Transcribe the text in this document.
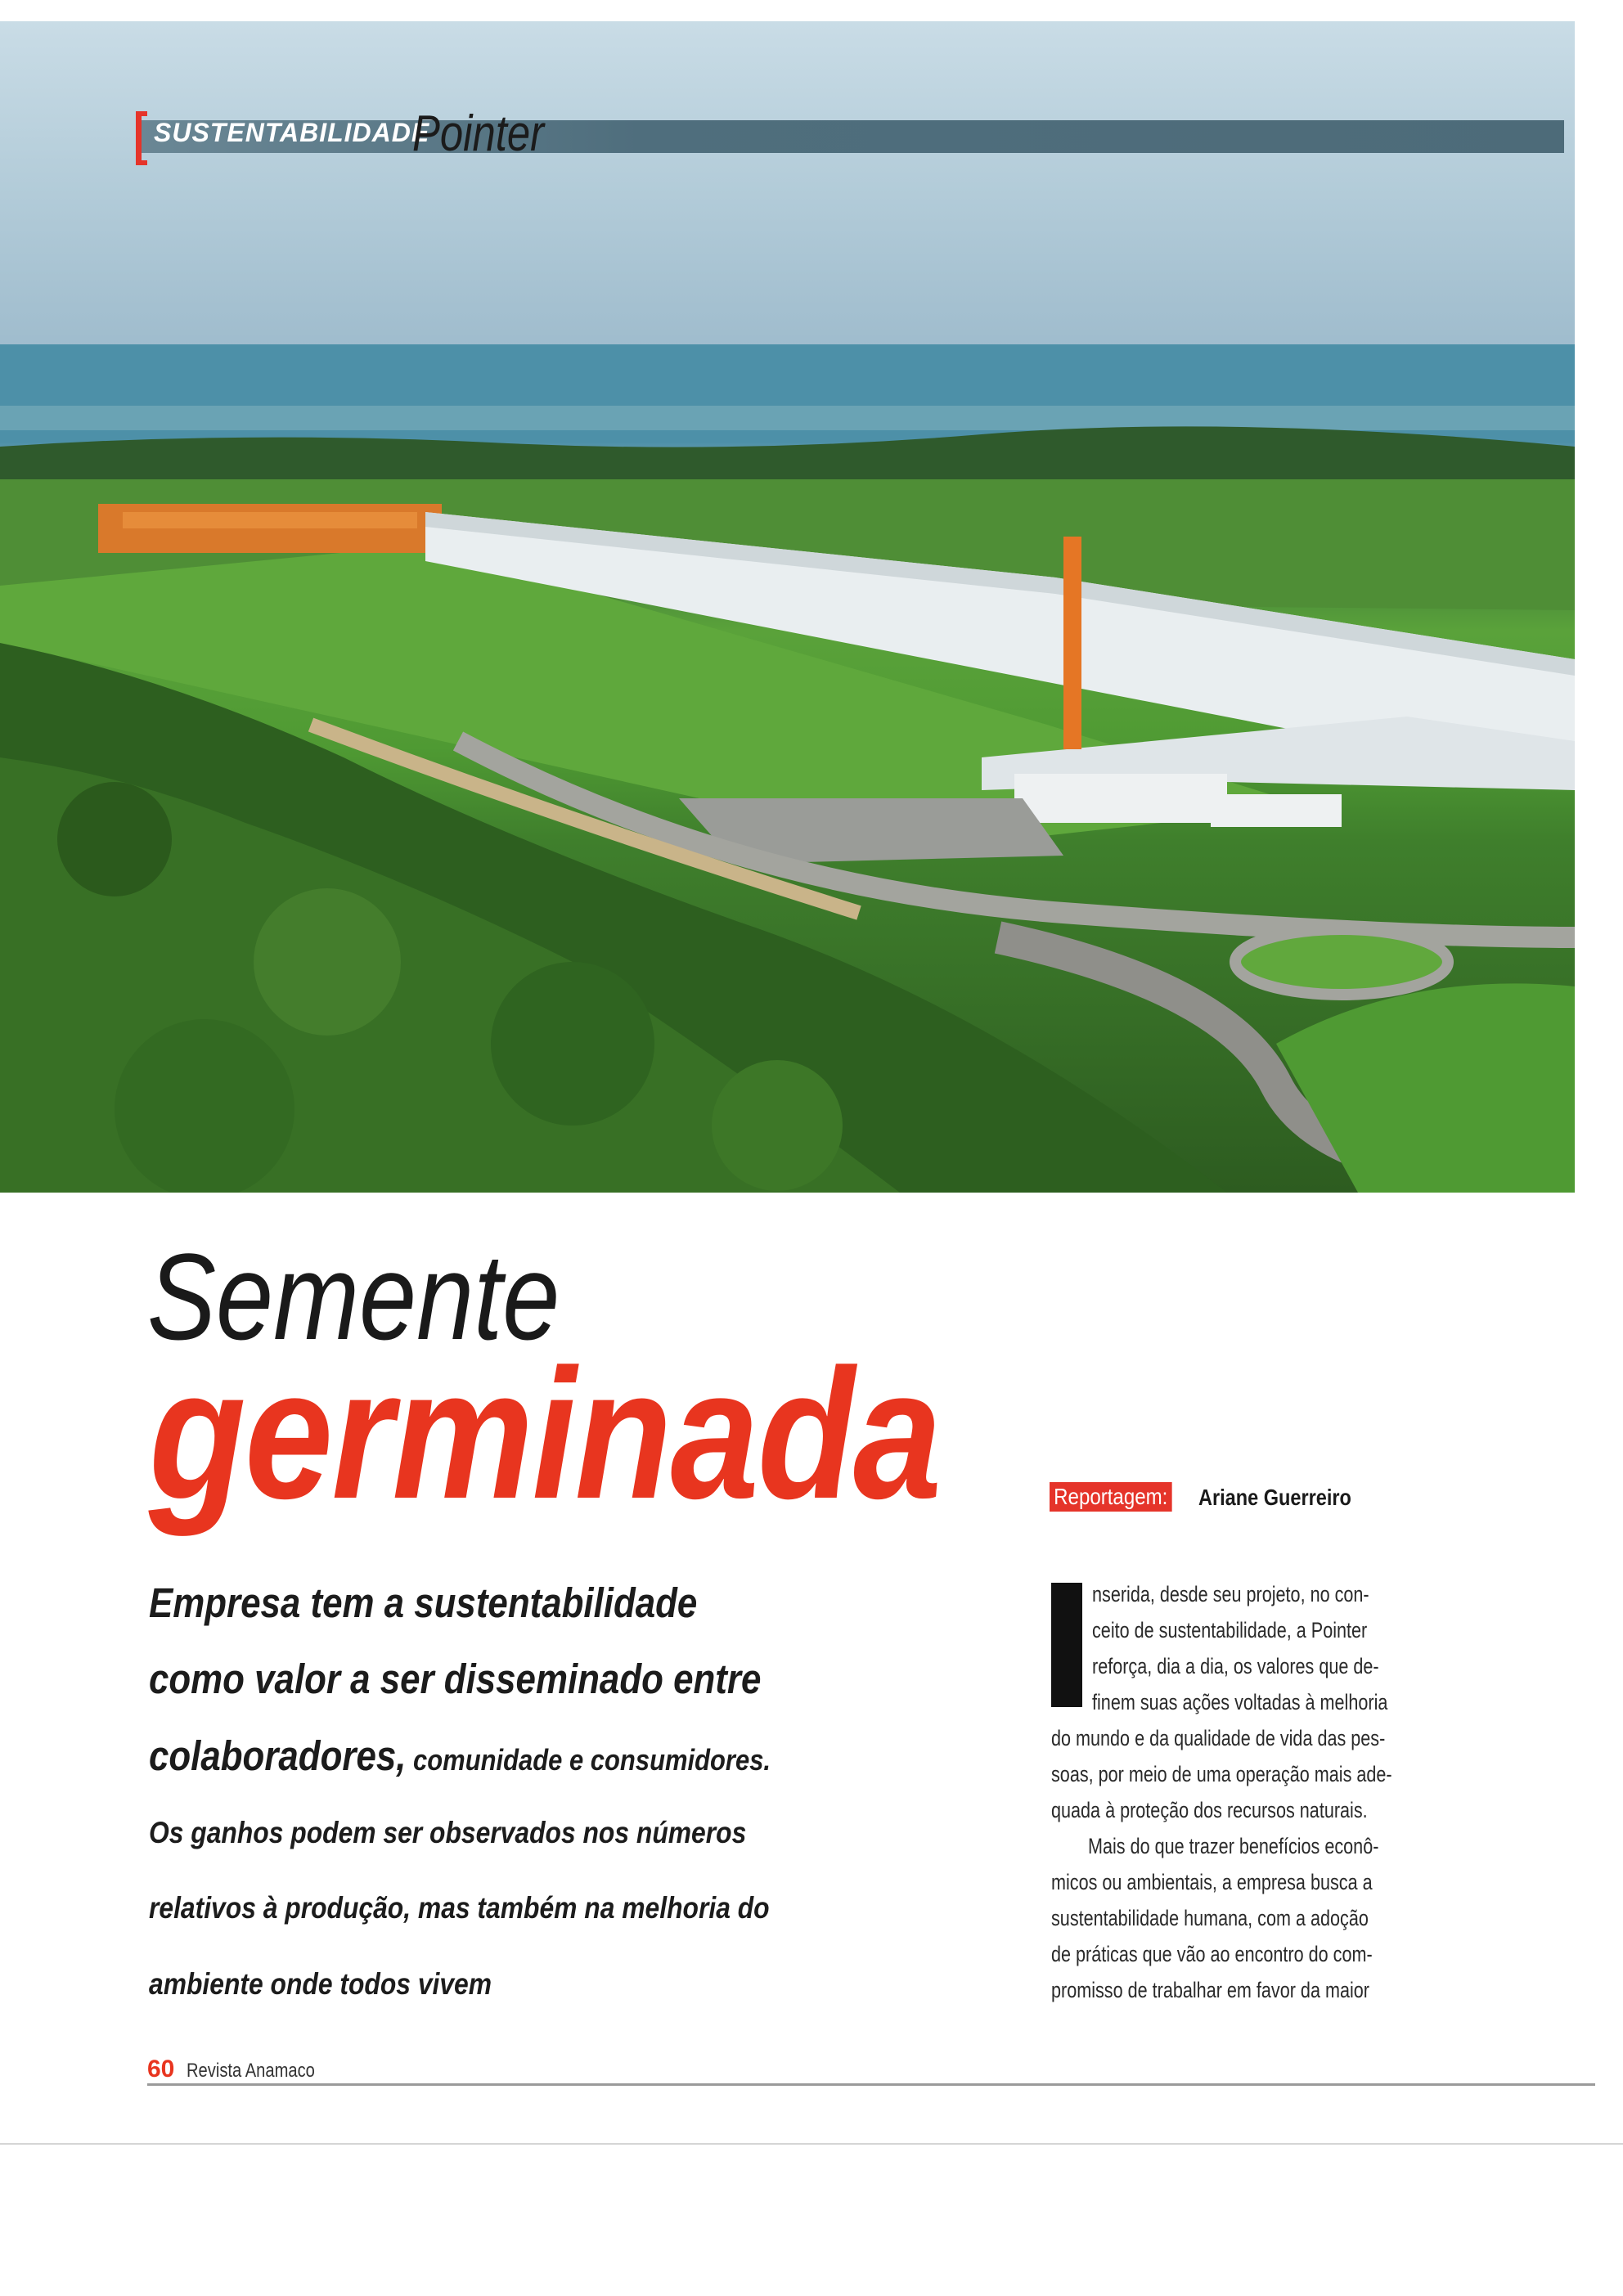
SUSTENTABILIDADE
Pointer
Semente
germinada
Empresa tem a sustentabilidade
como valor a ser disseminado entre
colaboradores, comunidade e consumidores.
Os ganhos podem ser observados nos números
relativos à produção, mas também na melhoria do
ambiente onde todos vivem
Reportagem: Ariane Guerreiro
nserida, desde seu projeto, no con-
ceito de sustentabilidade, a Pointer
reforça, dia a dia, os valores que de-
finem suas ações voltadas à melhoria
do mundo e da qualidade de vida das pes-
soas, por meio de uma operação mais ade-
quada à proteção dos recursos naturais.
Mais do que trazer benefícios econô-
micos ou ambientais, a empresa busca a
sustentabilidade humana, com a adoção
de práticas que vão ao encontro do com-
promisso de trabalhar em favor da maior
60 Revista Anamaco
